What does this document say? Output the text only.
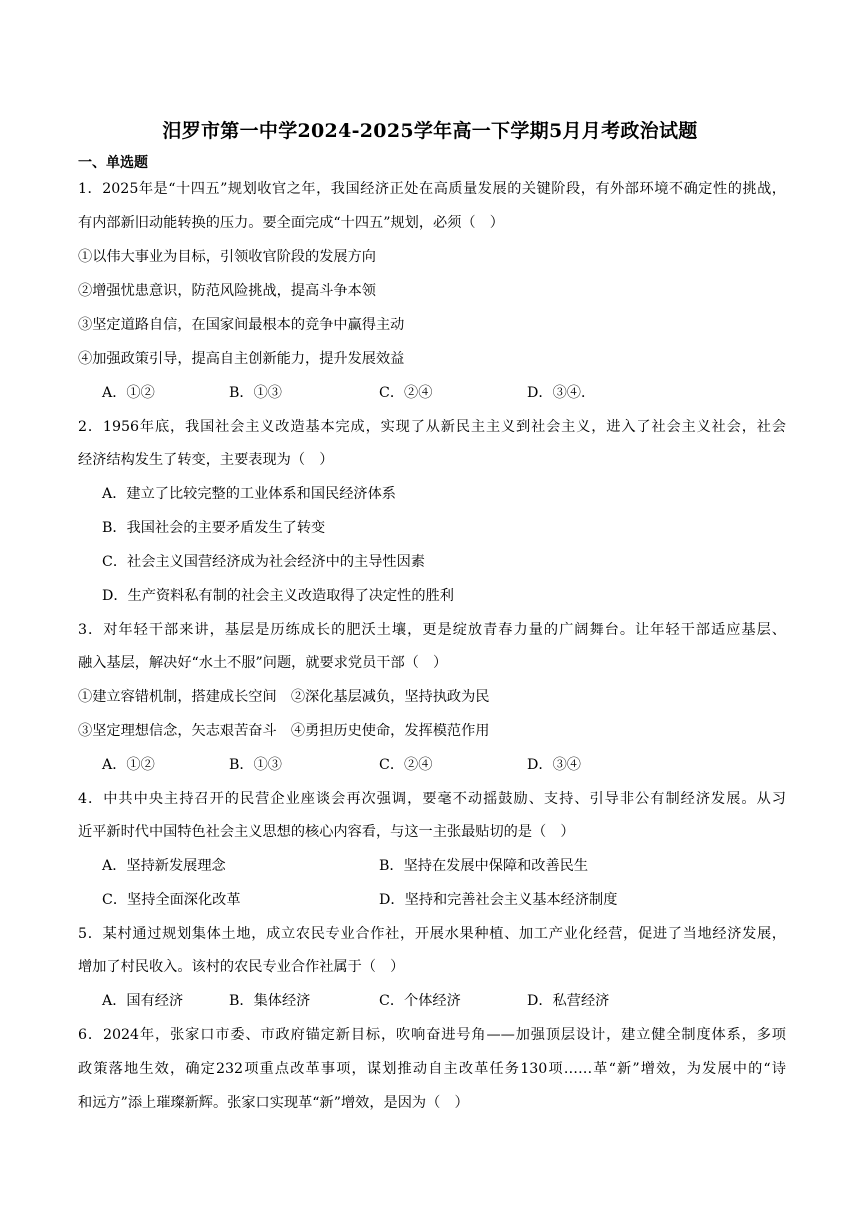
汨罗市第一中学2024-2025学年高一下学期5月月考政治试题
一、单选题
1．2025年是“十四五”规划收官之年，我国经济正处在高质量发展的关键阶段，有外部环境不确定性的挑战，
有内部新旧动能转换的压力。要全面完成“十四五”规划，必须（　）
①以伟大事业为目标，引领收官阶段的发展方向
②增强忧患意识，防范风险挑战，提高斗争本领
③坚定道路自信，在国家间最根本的竞争中赢得主动
④加强政策引导，提高自主创新能力，提升发展效益
A．①②	B．①③	C．②④	D．③④．
2．1956年底，我国社会主义改造基本完成，实现了从新民主主义到社会主义，进入了社会主义社会，社会
经济结构发生了转变，主要表现为（　）
A．建立了比较完整的工业体系和国民经济体系
B．我国社会的主要矛盾发生了转变
C．社会主义国营经济成为社会经济中的主导性因素
D．生产资料私有制的社会主义改造取得了决定性的胜利
3．对年轻干部来讲，基层是历练成长的肥沃土壤，更是绽放青春力量的广阔舞台。让年轻干部适应基层、
融入基层，解决好“水土不服”问题，就要求党员干部（　）
①建立容错机制，搭建成长空间　②深化基层减负，坚持执政为民
③坚定理想信念，矢志艰苦奋斗　④勇担历史使命，发挥模范作用
A．①②	B．①③	C．②④	D．③④
4．中共中央主持召开的民营企业座谈会再次强调，要毫不动摇鼓励、支持、引导非公有制经济发展。从习
近平新时代中国特色社会主义思想的核心内容看，与这一主张最贴切的是（　）
A．坚持新发展理念	B．坚持在发展中保障和改善民生
C．坚持全面深化改革	D．坚持和完善社会主义基本经济制度
5．某村通过规划集体土地，成立农民专业合作社，开展水果种植、加工产业化经营，促进了当地经济发展，
增加了村民收入。该村的农民专业合作社属于（　）
A．国有经济	B．集体经济	C．个体经济	D．私营经济
6．2024年，张家口市委、市政府锚定新目标，吹响奋进号角——加强顶层设计，建立健全制度体系，多项
政策落地生效，确定232项重点改革事项，谋划推动自主改革任务130项……革“新”增效，为发展中的“诗
和远方”添上璀璨新辉。张家口实现革“新”增效，是因为（　）
